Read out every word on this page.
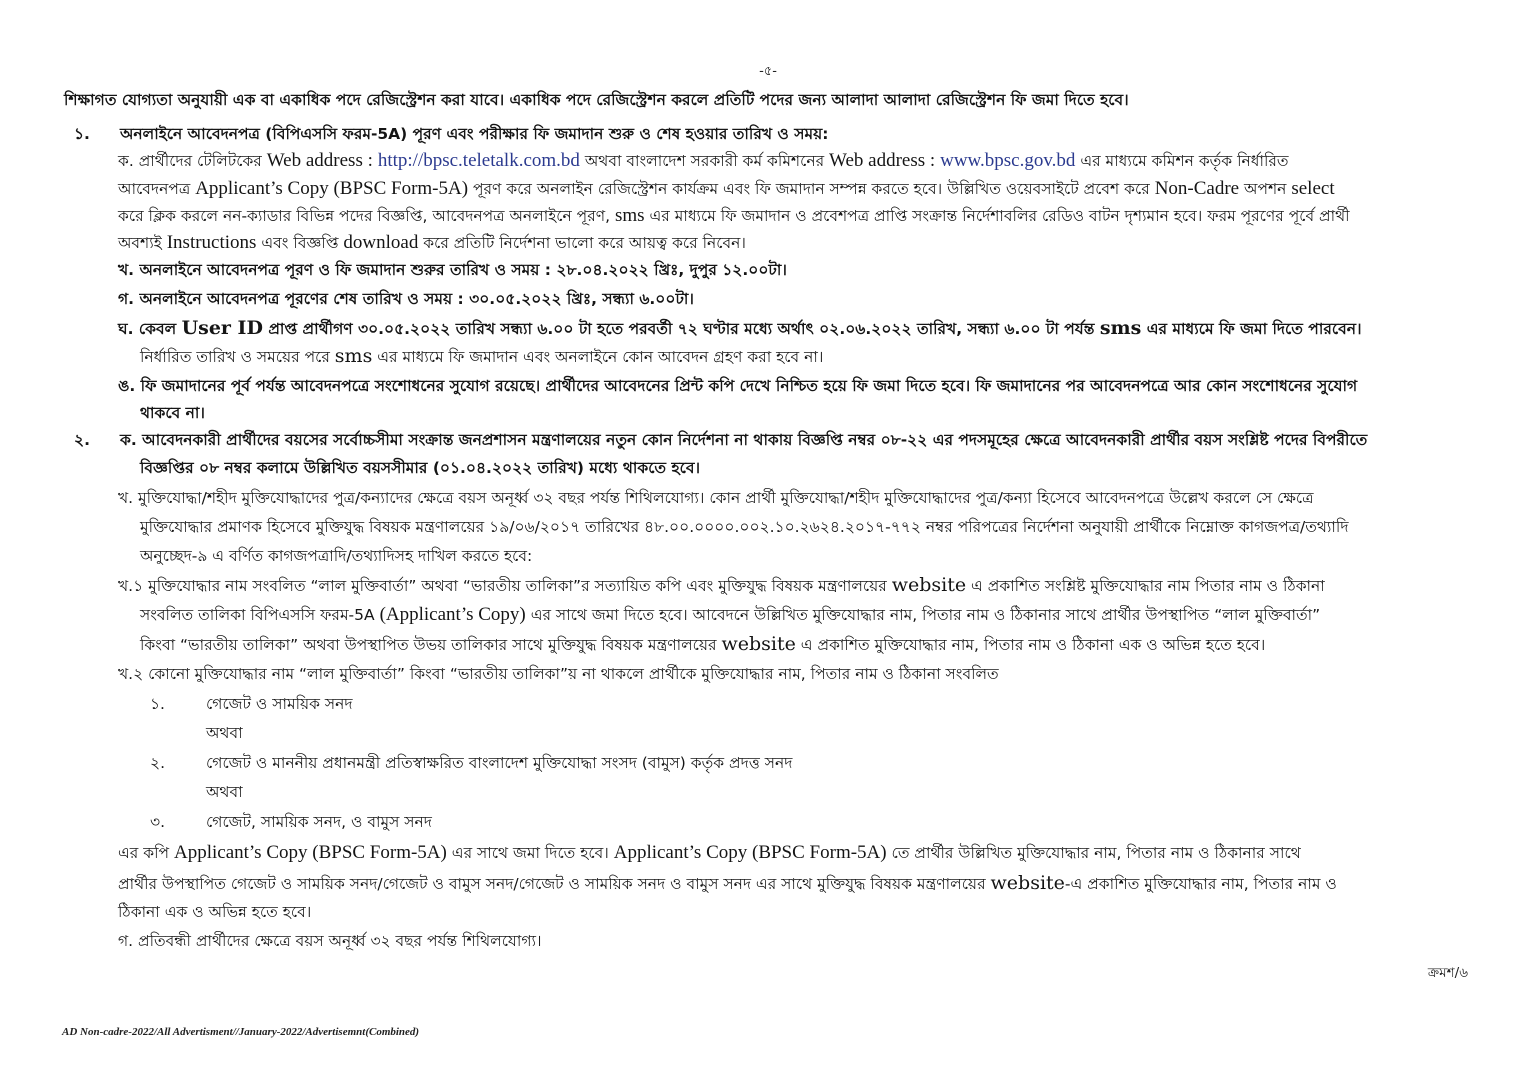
-৫-
শিক্ষাগত যোগ্যতা অনুযায়ী এক বা একাধিক পদে রেজিস্ট্রেশন করা যাবে। একাধিক পদে রেজিস্ট্রেশন করলে প্রতিটি পদের জন্য আলাদা আলাদা রেজিস্ট্রেশন ফি জমা দিতে হবে।
১. অনলাইনে আবেদনপত্র (বিপিএসসি ফরম-5A) পূরণ এবং পরীক্ষার ফি জমাদান শুরু ও শেষ হওয়ার তারিখ ও সময়:
ক. প্রার্থীদের টেলিটকের Web address : http://bpsc.teletalk.com.bd অথবা বাংলাদেশ সরকারী কর্ম কমিশনের Web address : www.bpsc.gov.bd এর মাধ্যমে কমিশন কর্তৃক নির্ধারিত
আবেদনপত্র Applicant’s Copy (BPSC Form-5A) পূরণ করে অনলাইন রেজিস্ট্রেশন কার্যক্রম এবং ফি জমাদান সম্পন্ন করতে হবে। উল্লিখিত ওয়েবসাইটে প্রবেশ করে Non-Cadre অপশন select
করে ক্লিক করলে নন-ক্যাডার বিভিন্ন পদের বিজ্ঞপ্তি, আবেদনপত্র অনলাইনে পূরণ, sms এর মাধ্যমে ফি জমাদান ও প্রবেশপত্র প্রাপ্তি সংক্রান্ত নির্দেশাবলির রেডিও বাটন দৃশ্যমান হবে। ফরম পূরণের পূর্বে প্রার্থী
অবশ্যই Instructions এবং বিজ্ঞপ্তি download করে প্রতিটি নির্দেশনা ভালো করে আয়ত্ব করে নিবেন।
খ. অনলাইনে আবেদনপত্র পূরণ ও ফি জমাদান শুরুর তারিখ ও সময় : ২৮.০৪.২০২২ খ্রিঃ, দুপুর ১২.০০টা।
গ. অনলাইনে আবেদনপত্র পূরণের শেষ তারিখ ও সময় : ৩০.০৫.২০২২ খ্রিঃ, সন্ধ্যা ৬.০০টা।
ঘ. কেবল User ID প্রাপ্ত প্রার্থীগণ ৩০.০৫.২০২২ তারিখ সন্ধ্যা ৬.০০ টা হতে পরবর্তী ৭২ ঘণ্টার মধ্যে অর্থাৎ ০২.০৬.২০২২ তারিখ, সন্ধ্যা ৬.০০ টা পর্যন্ত sms এর মাধ্যমে ফি জমা দিতে পারবেন।
নির্ধারিত তারিখ ও সময়ের পরে sms এর মাধ্যমে ফি জমাদান এবং অনলাইনে কোন আবেদন গ্রহণ করা হবে না।
ঙ. ফি জমাদানের পূর্ব পর্যন্ত আবেদনপত্রে সংশোধনের সুযোগ রয়েছে। প্রার্থীদের আবেদনের প্রিন্ট কপি দেখে নিশ্চিত হয়ে ফি জমা দিতে হবে। ফি জমাদানের পর আবেদনপত্রে আর কোন সংশোধনের সুযোগ
থাকবে না।
২. ক. আবেদনকারী প্রার্থীদের বয়সের সর্বোচ্চসীমা সংক্রান্ত জনপ্রশাসন মন্ত্রণালয়ের নতুন কোন নির্দেশনা না থাকায় বিজ্ঞপ্তি নম্বর ০৮-২২ এর পদসমূহের ক্ষেত্রে আবেদনকারী প্রার্থীর বয়স সংশ্লিষ্ট পদের বিপরীতে
বিজ্ঞপ্তির ০৮ নম্বর কলামে উল্লিখিত বয়সসীমার (০১.০৪.২০২২ তারিখ) মধ্যে থাকতে হবে।
খ. মুক্তিযোদ্ধা/শহীদ মুক্তিযোদ্ধাদের পুত্র/কন্যাদের ক্ষেত্রে বয়স অনূর্ধ্ব ৩২ বছর পর্যন্ত শিথিলযোগ্য। কোন প্রার্থী মুক্তিযোদ্ধা/শহীদ মুক্তিযোদ্ধাদের পুত্র/কন্যা হিসেবে আবেদনপত্রে উল্লেখ করলে সে ক্ষেত্রে
মুক্তিযোদ্ধার প্রমাণক হিসেবে মুক্তিযুদ্ধ বিষয়ক মন্ত্রণালয়ের ১৯/০৬/২০১৭ তারিখের ৪৮.০০.০০০০.০০২.১০.২৬২৪.২০১৭-৭৭২ নম্বর পরিপত্রের নির্দেশনা অনুযায়ী প্রার্থীকে নিম্নোক্ত কাগজপত্র/তথ্যাদি
অনুচ্ছেদ-৯ এ বর্ণিত কাগজপত্রাদি/তথ্যাদিসহ দাখিল করতে হবে:
খ.১ মুক্তিযোদ্ধার নাম সংবলিত “লাল মুক্তিবার্তা” অথবা “ভারতীয় তালিকা”র সত্যায়িত কপি এবং মুক্তিযুদ্ধ বিষয়ক মন্ত্রণালয়ের website এ প্রকাশিত সংশ্লিষ্ট মুক্তিযোদ্ধার নাম পিতার নাম ও ঠিকানা
সংবলিত তালিকা বিপিএসসি ফরম-5A (Applicant’s Copy) এর সাথে জমা দিতে হবে। আবেদনে উল্লিখিত মুক্তিযোদ্ধার নাম, পিতার নাম ও ঠিকানার সাথে প্রার্থীর উপস্থাপিত “লাল মুক্তিবার্তা”
কিংবা “ভারতীয় তালিকা” অথবা উপস্থাপিত উভয় তালিকার সাথে মুক্তিযুদ্ধ বিষয়ক মন্ত্রণালয়ের website এ প্রকাশিত মুক্তিযোদ্ধার নাম, পিতার নাম ও ঠিকানা এক ও অভিন্ন হতে হবে।
খ.২ কোনো মুক্তিযোদ্ধার নাম “লাল মুক্তিবার্তা” কিংবা “ভারতীয় তালিকা”য় না থাকলে প্রার্থীকে মুক্তিযোদ্ধার নাম, পিতার নাম ও ঠিকানা সংবলিত
১.	গেজেট ও সাময়িক সনদ
অথবা
২.	গেজেট ও মাননীয় প্রধানমন্ত্রী প্রতিস্বাক্ষরিত বাংলাদেশ মুক্তিযোদ্ধা সংসদ (বামুস) কর্তৃক প্রদত্ত সনদ
অথবা
৩.	গেজেট, সাময়িক সনদ, ও বামুস সনদ
এর কপি Applicant’s Copy (BPSC Form-5A) এর সাথে জমা দিতে হবে। Applicant’s Copy (BPSC Form-5A) তে প্রার্থীর উল্লিখিত মুক্তিযোদ্ধার নাম, পিতার নাম ও ঠিকানার সাথে
প্রার্থীর উপস্থাপিত গেজেট ও সাময়িক সনদ/গেজেট ও বামুস সনদ/গেজেট ও সাময়িক সনদ ও বামুস সনদ এর সাথে মুক্তিযুদ্ধ বিষয়ক মন্ত্রণালয়ের website-এ প্রকাশিত মুক্তিযোদ্ধার নাম, পিতার নাম ও
ঠিকানা এক ও অভিন্ন হতে হবে।
গ. প্রতিবন্ধী প্রার্থীদের ক্ষেত্রে বয়স অনূর্ধ্ব ৩২ বছর পর্যন্ত শিথিলযোগ্য।
ক্রমশ/৬
AD Non-cadre-2022/All Advertisment//January-2022/Advertisemnt(Combined)
